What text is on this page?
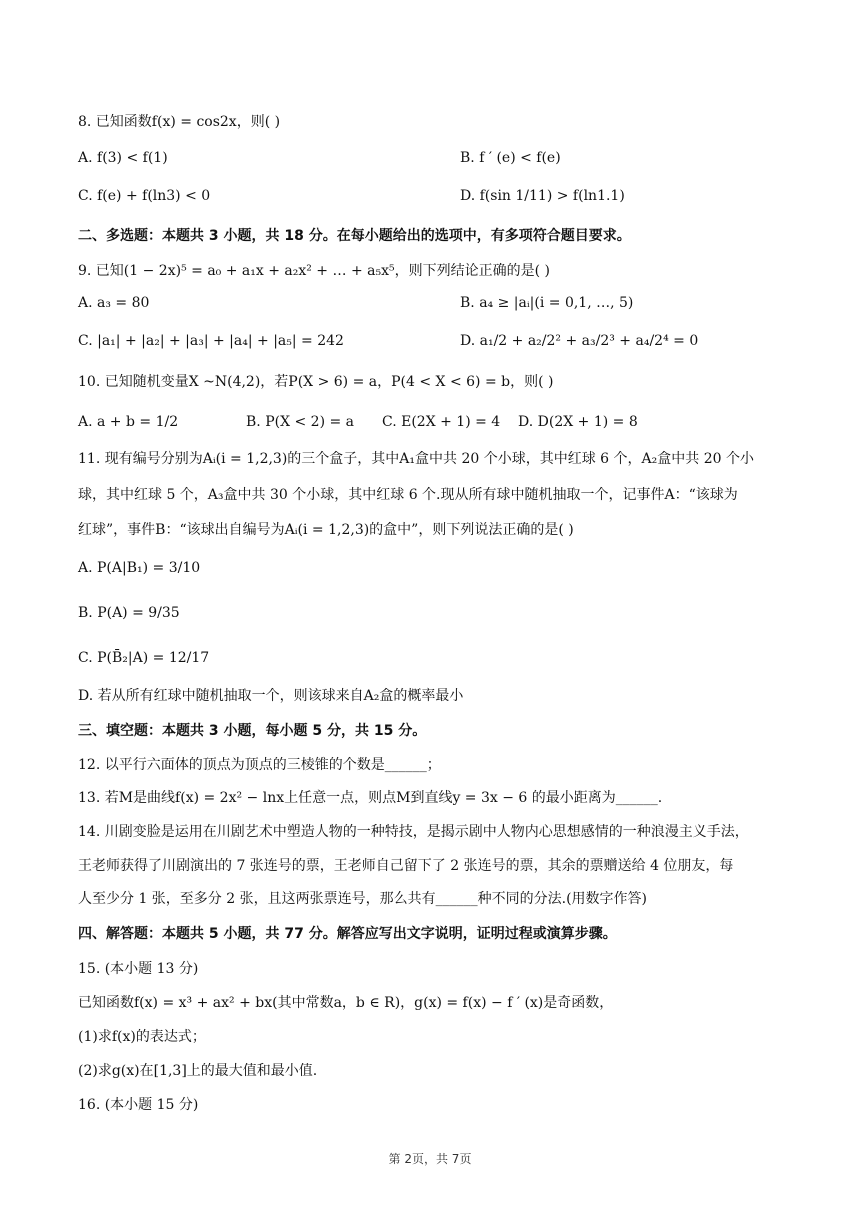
8. 已知函数f(x) = cos2x，则( )
A. f(3) < f(1)	B. f ′ (e) < f(e)
C. f(e) + f(ln3) < 0	D. f(sin 1/11) > f(ln1.1)
二、多选题：本题共 3 小题，共 18 分。在每小题给出的选项中，有多项符合题目要求。
9. 已知(1 − 2x)⁵ = a₀ + a₁x + a₂x² + … + a₅x⁵，则下列结论正确的是( )
A. a₃ = 80	B. a₄ ≥ |aᵢ|(i = 0,1, …, 5)
C. |a₁| + |a₂| + |a₃| + |a₄| + |a₅| = 242	D. a₁/2 + a₂/2² + a₃/2³ + a₄/2⁴ = 0
10. 已知随机变量X ~N(4,2)，若P(X > 6) = a，P(4 < X < 6) = b，则( )
A. a + b = 1/2	B. P(X < 2) = a C. E(2X + 1) = 4 D. D(2X + 1) = 8
11. 现有编号分别为Aᵢ(i = 1,2,3)的三个盒子，其中A₁盒中共 20 个小球，其中红球 6 个，A₂盒中共 20 个小
球，其中红球 5 个，A₃盒中共 30 个小球，其中红球 6 个.现从所有球中随机抽取一个，记事件A：“该球为
红球”，事件B：“该球出自编号为Aᵢ(i = 1,2,3)的盒中”，则下列说法正确的是( )
A. P(A|B₁) = 3/10
B. P(A) = 9/35
C. P(B̄₂|A) = 12/17
D. 若从所有红球中随机抽取一个，则该球来自A₂盒的概率最小
三、填空题：本题共 3 小题，每小题 5 分，共 15 分。
12. 以平行六面体的顶点为顶点的三棱锥的个数是______；
13. 若M是曲线f(x) = 2x² − lnx上任意一点，则点M到直线y = 3x − 6 的最小距离为______.
14. 川剧变脸是运用在川剧艺术中塑造人物的一种特技，是揭示剧中人物内心思想感情的一种浪漫主义手法，
王老师获得了川剧演出的 7 张连号的票，王老师自己留下了 2 张连号的票，其余的票赠送给 4 位朋友，每
人至少分 1 张，至多分 2 张，且这两张票连号，那么共有______种不同的分法.(用数字作答)
四、解答题：本题共 5 小题，共 77 分。解答应写出文字说明，证明过程或演算步骤。
15. (本小题 13 分)
已知函数f(x) = x³ + ax² + bx(其中常数a，b ∈ R)，g(x) = f(x) − f ′ (x)是奇函数，
(1)求f(x)的表达式；
(2)求g(x)在[1,3]上的最大值和最小值.
16. (本小题 15 分)
第 2页，共 7页
